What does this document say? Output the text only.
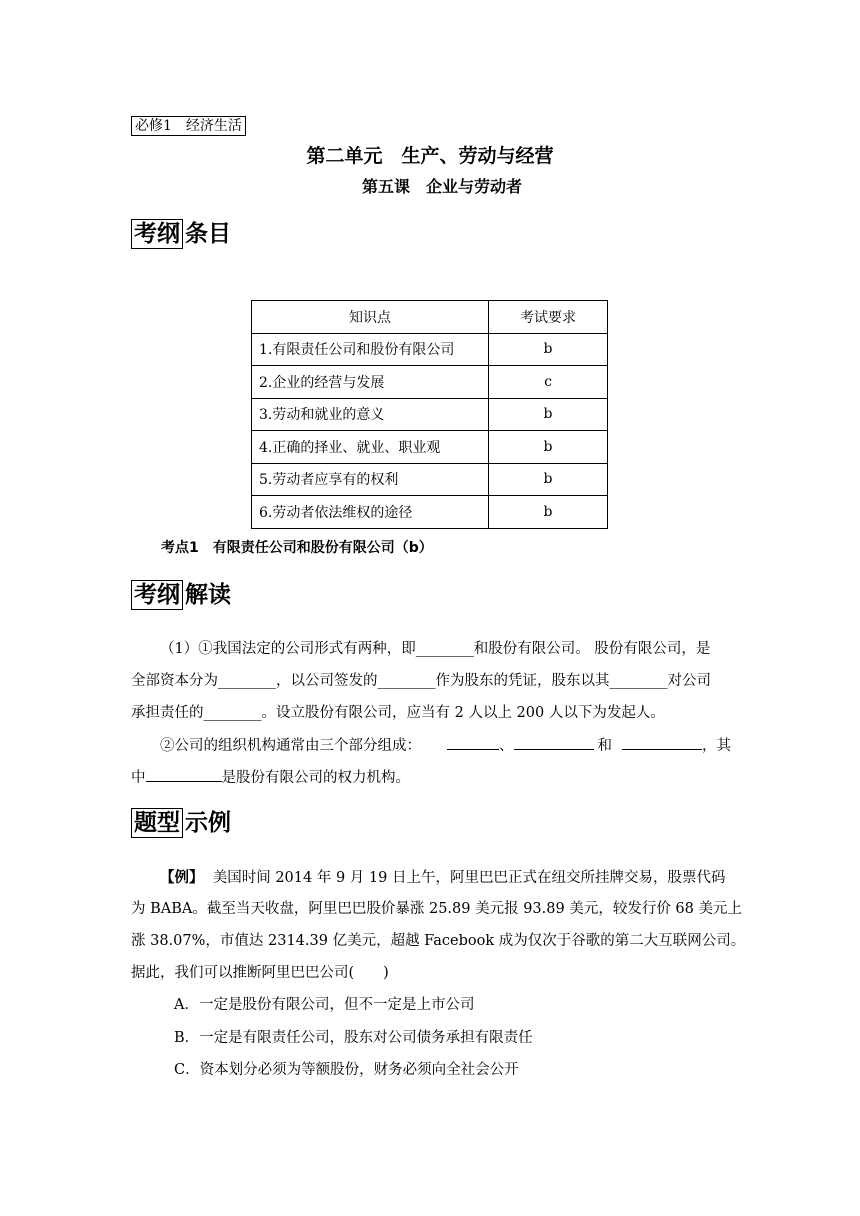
必修1　经济生活
第二单元　生产、劳动与经营
第五课　企业与劳动者
考纲 条目
知识点	考试要求
1.有限责任公司和股份有限公司	b
2.企业的经营与发展	c
3.劳动和就业的意义	b
4.正确的择业、就业、职业观	b
5.劳动者应享有的权利	b
6.劳动者依法维权的途径	b
考点1　有限责任公司和股份有限公司（b）
考纲 解读
（1）①我国法定的公司形式有两种，即________和股份有限公司。 股份有限公司，是
全部资本分为________，以公司签发的________作为股东的凭证，股东以其________对公司
承担责任的________。设立股份有限公司，应当有 2 人以上 200 人以下为发起人。
②公司的组织机构通常由三个部分组成：	、	和	，其
中	是股份有限公司的权力机构。
题型 示例
【例】  美国时间 2014 年 9 月 19 日上午，阿里巴巴正式在纽交所挂牌交易，股票代码
为 BABA。截至当天收盘，阿里巴巴股价暴涨 25.89 美元报 93.89 美元，较发行价 68 美元上
涨 38.07%，市值达 2314.39 亿美元，超越 Facebook 成为仅次于谷歌的第二大互联网公司。
据此，我们可以推断阿里巴巴公司(　　)
A．一定是股份有限公司，但不一定是上市公司
B．一定是有限责任公司，股东对公司债务承担有限责任
C．资本划分必须为等额股份，财务必须向全社会公开
